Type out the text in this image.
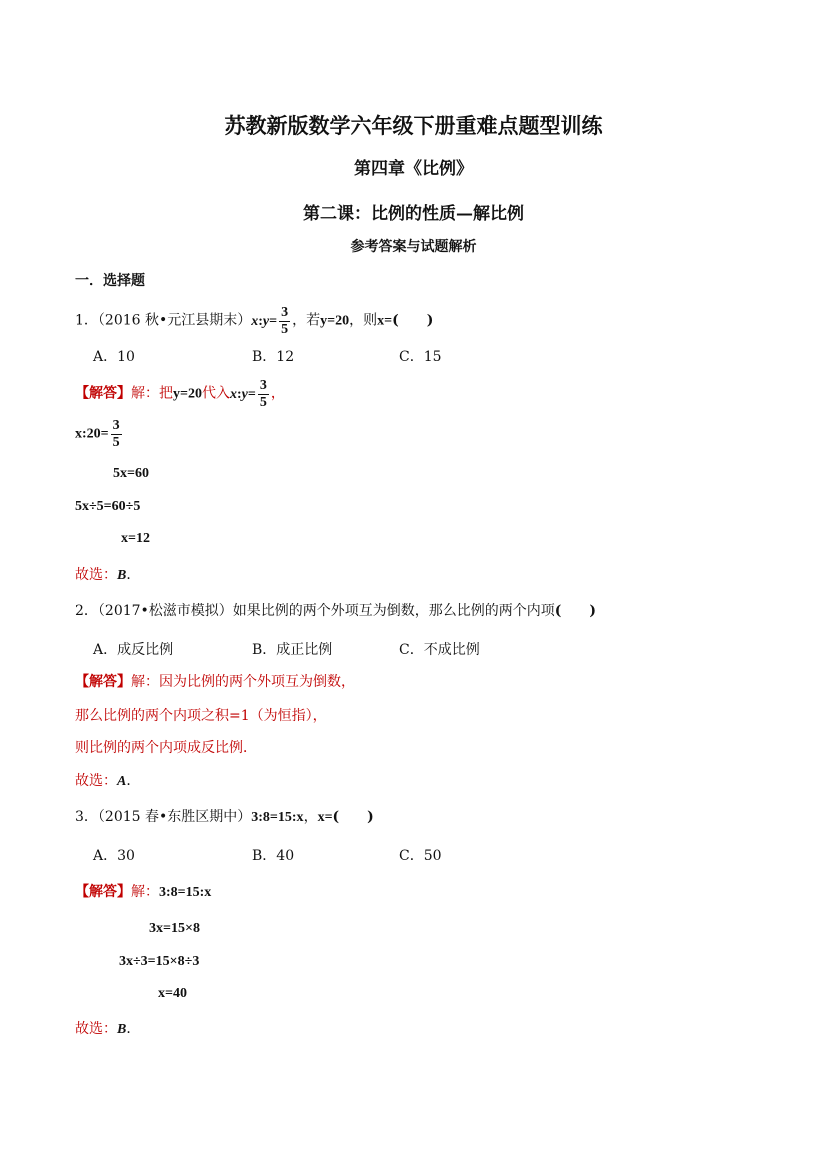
苏教新版数学六年级下册重难点题型训练
第四章《比例》
第二课：比例的性质—解比例
参考答案与试题解析
一．选择题
1．（2016 秋•元江县期末）x:y= $\frac{3}{5}$ ，若y=20，则x=(　　)
A．10	B．12	C．15
【解答】解：把y=20代入x:y= $\frac{3}{5}$ ，
x:20= $\frac{3}{5}$
5x=60
5x÷5=60÷5
x=12
故选：B．
2．（2017•松滋市模拟）如果比例的两个外项互为倒数，那么比例的两个内项(　　)
A．成反比例	B．成正比例	C．不成比例
【解答】解：因为比例的两个外项互为倒数，
那么比例的两个内项之积=1（为恒指），
则比例的两个内项成反比例．
故选：A．
3．（2015 春•东胜区期中）3:8=15:x，x=(　　)
A．30	B．40	C．50
【解答】解：3:8=15:x
3x=15×8
3x÷3=15×8÷3
x=40
故选：B．
